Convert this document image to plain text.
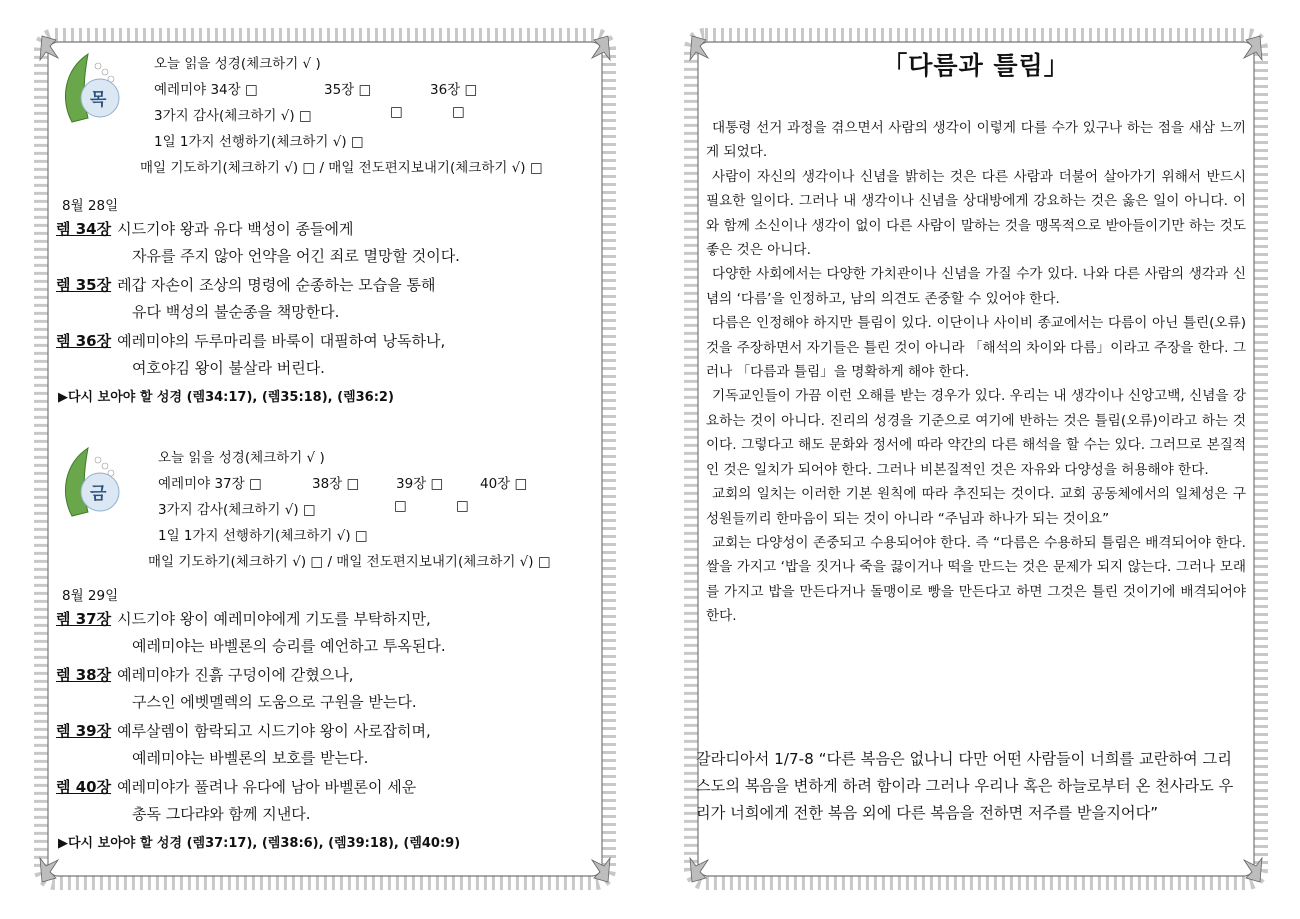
목
오늘 읽을 성경(체크하기 √ )
예레미야 34장 □	35장 □	36장 □
3가지 감사(체크하기 √) □	□	□
1일 1가지 선행하기(체크하기 √) □
매일 기도하기(체크하기 √) □ / 매일 전도편지보내기(체크하기 √) □
8월 28일
렘 34장 시드기야 왕과 유다 백성이 종들에게
자유를 주지 않아 언약을 어긴 죄로 멸망할 것이다.
렘 35장 레갑 자손이 조상의 명령에 순종하는 모습을 통해
유다 백성의 불순종을 책망한다.
렘 36장 예레미야의 두루마리를 바룩이 대필하여 낭독하나,
여호야김 왕이 불살라 버린다.
▶다시 보아야 할 성경 (렘34:17), (렘35:18), (렘36:2)
금
오늘 읽을 성경(체크하기 √ )
예레미야 37장 □	38장 □	39장 □	40장 □
3가지 감사(체크하기 √) □	□	□
1일 1가지 선행하기(체크하기 √) □
매일 기도하기(체크하기 √) □ / 매일 전도편지보내기(체크하기 √) □
8월 29일
렘 37장 시드기야 왕이 예레미야에게 기도를 부탁하지만,
예레미야는 바벨론의 승리를 예언하고 투옥된다.
렘 38장 예레미야가 진흙 구덩이에 갇혔으나,
구스인 에벳멜렉의 도움으로 구원을 받는다.
렘 39장 예루살렘이 함락되고 시드기야 왕이 사로잡히며,
예레미야는 바벨론의 보호를 받는다.
렘 40장 예레미야가 풀려나 유다에 남아 바벨론이 세운
총독 그다랴와 함께 지낸다.
▶다시 보아야 할 성경 (렘37:17), (렘38:6), (렘39:18), (렘40:9)
「다름과 틀림」

대통령 선거 과정을 겪으면서 사람의 생각이 이렇게 다를 수가 있구나 하는 점을 새삼 느끼게 되었다.

사람이 자신의 생각이나 신념을 밝히는 것은 다른 사람과 더불어 살아가기 위해서 반드시 필요한 일이다. 그러나 내 생각이나 신념을 상대방에게 강요하는 것은 옳은 일이 아니다. 이와 함께 소신이나 생각이 없이 다른 사람이 말하는 것을 맹목적으로 받아들이기만 하는 것도 좋은 것은 아니다.

다양한 사회에서는 다양한 가치관이나 신념을 가질 수가 있다. 나와 다른 사람의 생각과 신념의 ‘다름’을 인정하고, 남의 의견도 존중할 수 있어야 한다.

다름은 인정해야 하지만 틀림이 있다. 이단이나 사이비 종교에서는 다름이 아닌 틀린(오류)것을 주장하면서 자기들은 틀린 것이 아니라 「해석의 차이와 다름」이라고 주장을 한다. 그러나 「다름과 틀림」을 명확하게 해야 한다.

기독교인들이 가끔 이런 오해를 받는 경우가 있다. 우리는 내 생각이나 신앙고백, 신념을 강요하는 것이 아니다. 진리의 성경을 기준으로 여기에 반하는 것은 틀림(오류)이라고 하는 것이다. 그렇다고 해도 문화와 정서에 따라 약간의 다른 해석을 할 수는 있다. 그러므로 본질적인 것은 일치가 되어야 한다. 그러나 비본질적인 것은 자유와 다양성을 허용해야 한다.

교회의 일치는 이러한 기본 원칙에 따라 추진되는 것이다. 교회 공동체에서의 일체성은 구성원들끼리 한마음이 되는 것이 아니라 “주님과 하나가 되는 것이요”

교회는 다양성이 존중되고 수용되어야 한다. 즉 “다름은 수용하되 틀림은 배격되어야 한다. 쌀을 가지고 ‘밥을 짓거나 죽을 끓이거나 떡을 만드는 것은 문제가 되지 않는다. 그러나 모래를 가지고 밥을 만든다거나 돌맹이로 빵을 만든다고 하면 그것은 틀린 것이기에 배격되어야 한다.

갈라디아서 1/7-8 “다른 복음은 없나니 다만 어떤 사람들이 너희를 교란하여 그리스도의 복음을 변하게 하려 함이라 그러나 우리나 혹은 하늘로부터 온 천사라도 우리가 너희에게 전한 복음 외에 다른 복음을 전하면 저주를 받을지어다”
